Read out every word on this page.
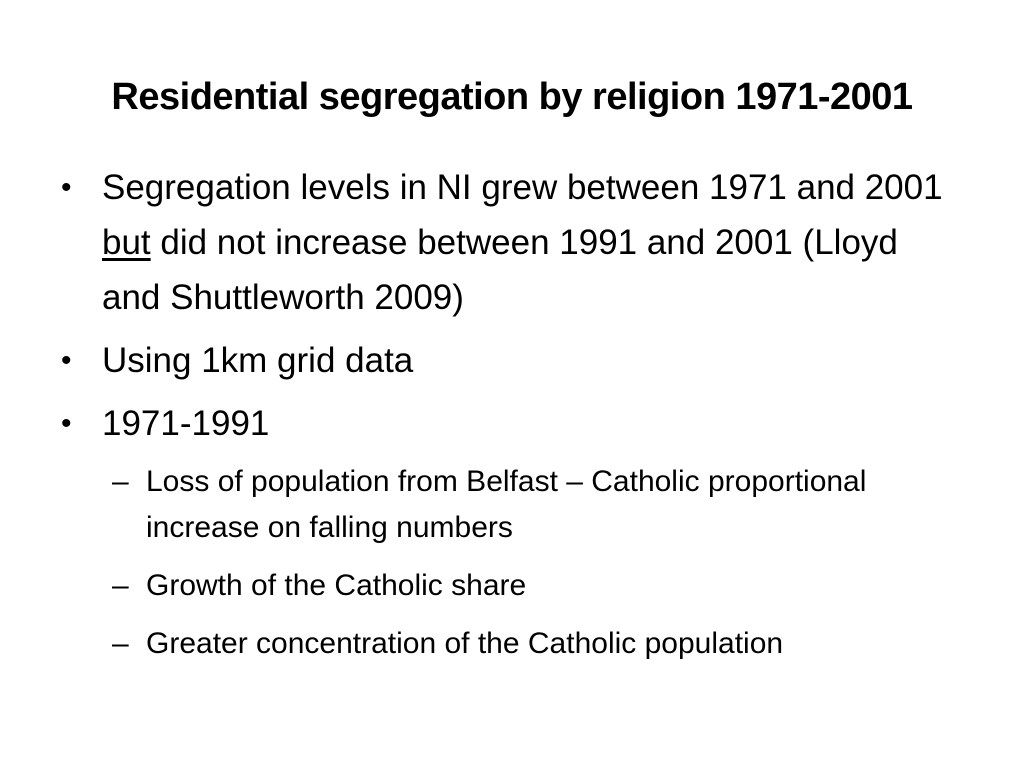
Residential segregation by religion 1971-2001
• Segregation levels in NI grew between 1971 and 2001 but did not increase between 1991 and 2001 (Lloyd and Shuttleworth 2009)
• Using 1km grid data
• 1971-1991
– Loss of population from Belfast – Catholic proportional increase on falling numbers
– Growth of the Catholic share
– Greater concentration of the Catholic population
